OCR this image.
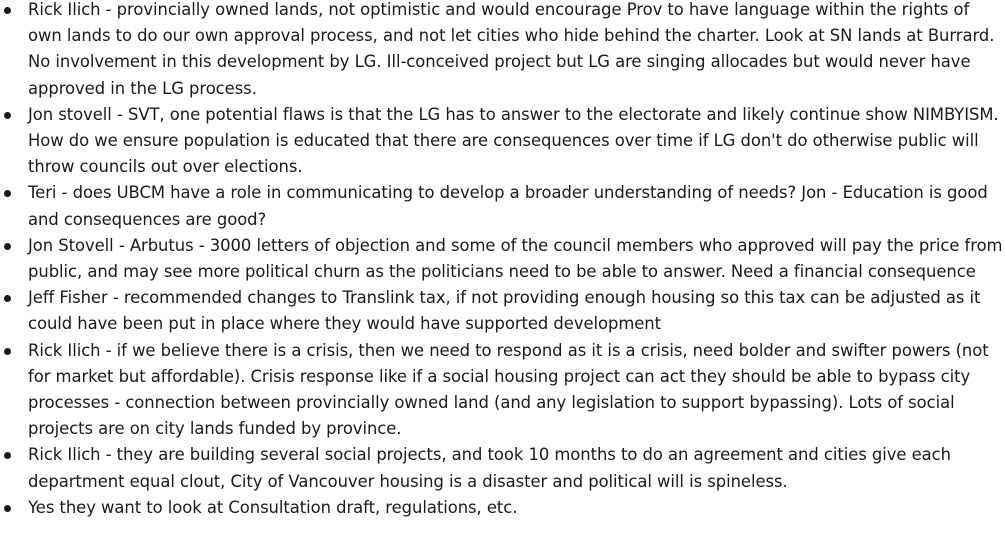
Rick Ilich - provincially owned lands, not optimistic and would encourage Prov to have language within the rights of own lands to do our own approval process, and not let cities who hide behind the charter. Look at SN lands at Burrard. No involvement in this development by LG. Ill-conceived project but LG are singing allocades but would never have approved in the LG process.
Jon stovell - SVT, one potential flaws is that the LG has to answer to the electorate and likely continue show NIMBYISM. How do we ensure population is educated that there are consequences over time if LG don't do otherwise public will throw councils out over elections.
Teri - does UBCM have a role in communicating to develop a broader understanding of needs? Jon - Education is good and consequences are good?
Jon Stovell - Arbutus - 3000 letters of objection and some of the council members who approved will pay the price from public, and may see more political churn as the politicians need to be able to answer. Need a financial consequence
Jeff Fisher - recommended changes to Translink tax, if not providing enough housing so this tax can be adjusted as it could have been put in place where they would have supported development
Rick Ilich - if we believe there is a crisis, then we need to respond as it is a crisis, need bolder and swifter powers (not for market but affordable). Crisis response like if a social housing project can act they should be able to bypass city processes - connection between provincially owned land (and any legislation to support bypassing). Lots of social projects are on city lands funded by province.
Rick Ilich - they are building several social projects, and took 10 months to do an agreement and cities give each department equal clout, City of Vancouver housing is a disaster and political will is spineless.
Yes they want to look at Consultation draft, regulations, etc.
